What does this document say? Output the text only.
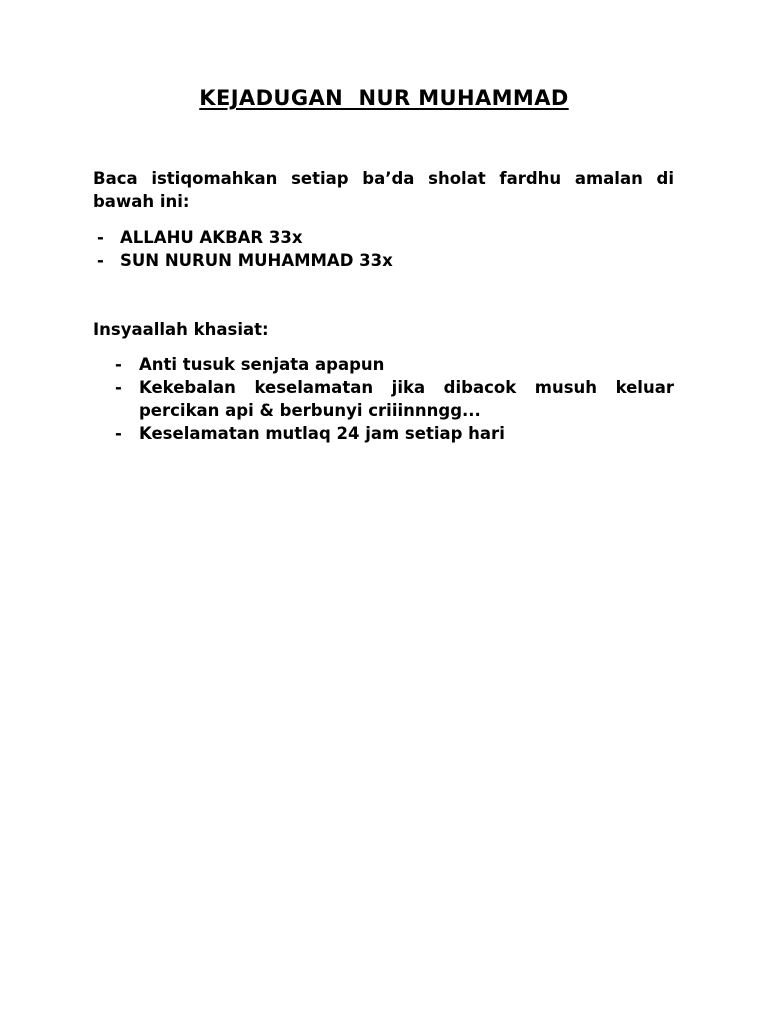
KEJADUGAN  NUR MUHAMMAD

Baca istiqomahkan setiap ba’da sholat fardhu amalan di bawah ini:

- ALLAHU AKBAR 33x
- SUN NURUN MUHAMMAD 33x

Insyaallah khasiat:

- Anti tusuk senjata apapun
- Kekebalan keselamatan jika dibacok musuh keluar percikan api & berbunyi criiinnngg...
- Keselamatan mutlaq 24 jam setiap hari
